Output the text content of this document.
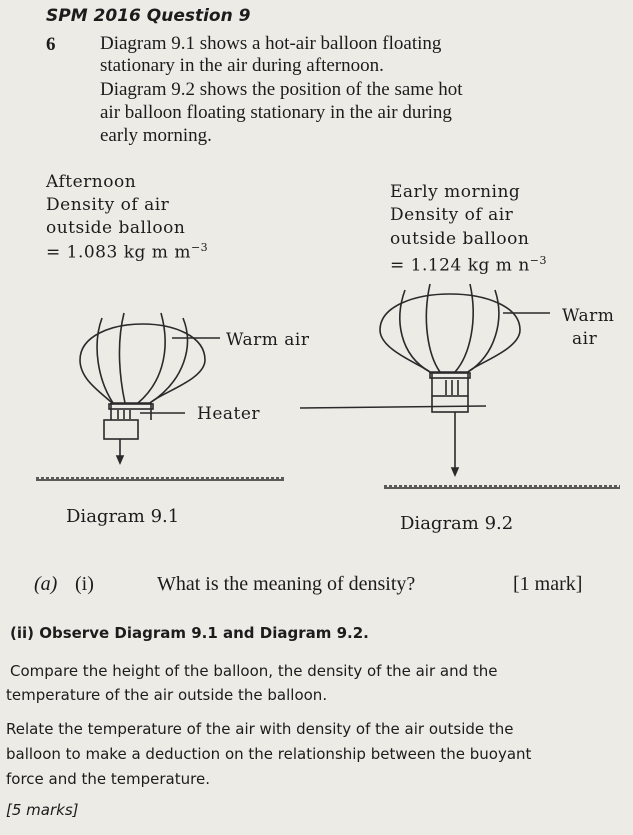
SPM 2016 Question 9
6 Diagram 9.1 shows a hot-air balloon floating
stationary in the air during afternoon.
Diagram 9.2 shows the position of the same hot
air balloon floating stationary in the air during
early morning.
Afternoon
Density of air
outside balloon
= 1.083 kg m $m^{-3}$
Early morning
Density of air
outside balloon
= 1.124 kg m $n^{-3}$
Warm air
Heater
Warm
air
Diagram 9.1	Diagram 9.2
(a) (i)	What is the meaning of density?	[1 mark]
(ii) Observe Diagram 9.1 and Diagram 9.2.
Compare the height of the balloon, the density of the air and the
temperature of the air outside the balloon.
Relate the temperature of the air with density of the air outside the
balloon to make a deduction on the relationship between the buoyant
force and the temperature.
[5 marks]
